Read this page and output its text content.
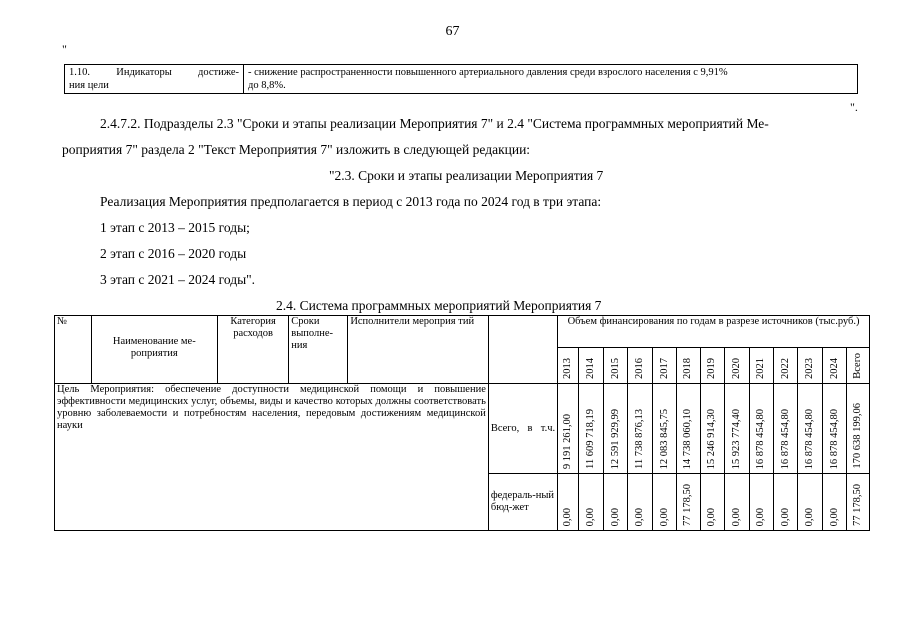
67
"
1.10. Индикаторы достиже-
ния цели

- снижение распространенности повышенного артериального давления среди взрослого населения с 9,91%
до 8,8%.
".
2.4.7.2. Подразделы 2.3 "Сроки и этапы реализации Мероприятия 7" и 2.4 "Система программных мероприятий Ме-
роприятия 7" раздела 2 "Текст Мероприятия 7" изложить в следующей редакции:
"2.3. Сроки и этапы реализации Мероприятия 7
Реализация Мероприятия предполагается в период с 2013 года по 2024 год в три этапа:
1 этап с 2013 – 2015 годы;
2 этап с 2016 – 2020 годы
3 этап с 2021 – 2024 годы".
2.4. Система программных мероприятий Мероприятия 7
№	Наименование ме-роприятия	Категория расходов	Сроки выполне-ния	Исполнители мероприя тий		Объем финансирования по годам в разрезе источников (тыс.руб.)												
						2013	2014	2015	2016	2017	2018	2019	2020	2021	2022	2023	2024	Всего
Цель Мероприятия: обеспечение доступности медицинской помощи и повышение эффективности медицинских услуг, объемы, виды и качество которых должны соответствовать уровню заболеваемости и потребностям населения, передовым достижениям медицинской науки					Всего, в т.ч.	9 191 261,00	11 609 718,19	12 591 929,99	11 738 876,13	12 083 845,75	14 738 060,10	15 246 914,30	15 923 774,40	16 878 454,80	16 878 454,80	16 878 454,80	16 878 454,80	170 638 199,06
					федераль-ный бюд-жет	0,00	0,00	0,00	0,00	0,00	77 178,50	0,00	0,00	0,00	0,00	0,00	0,00	77 178,50
